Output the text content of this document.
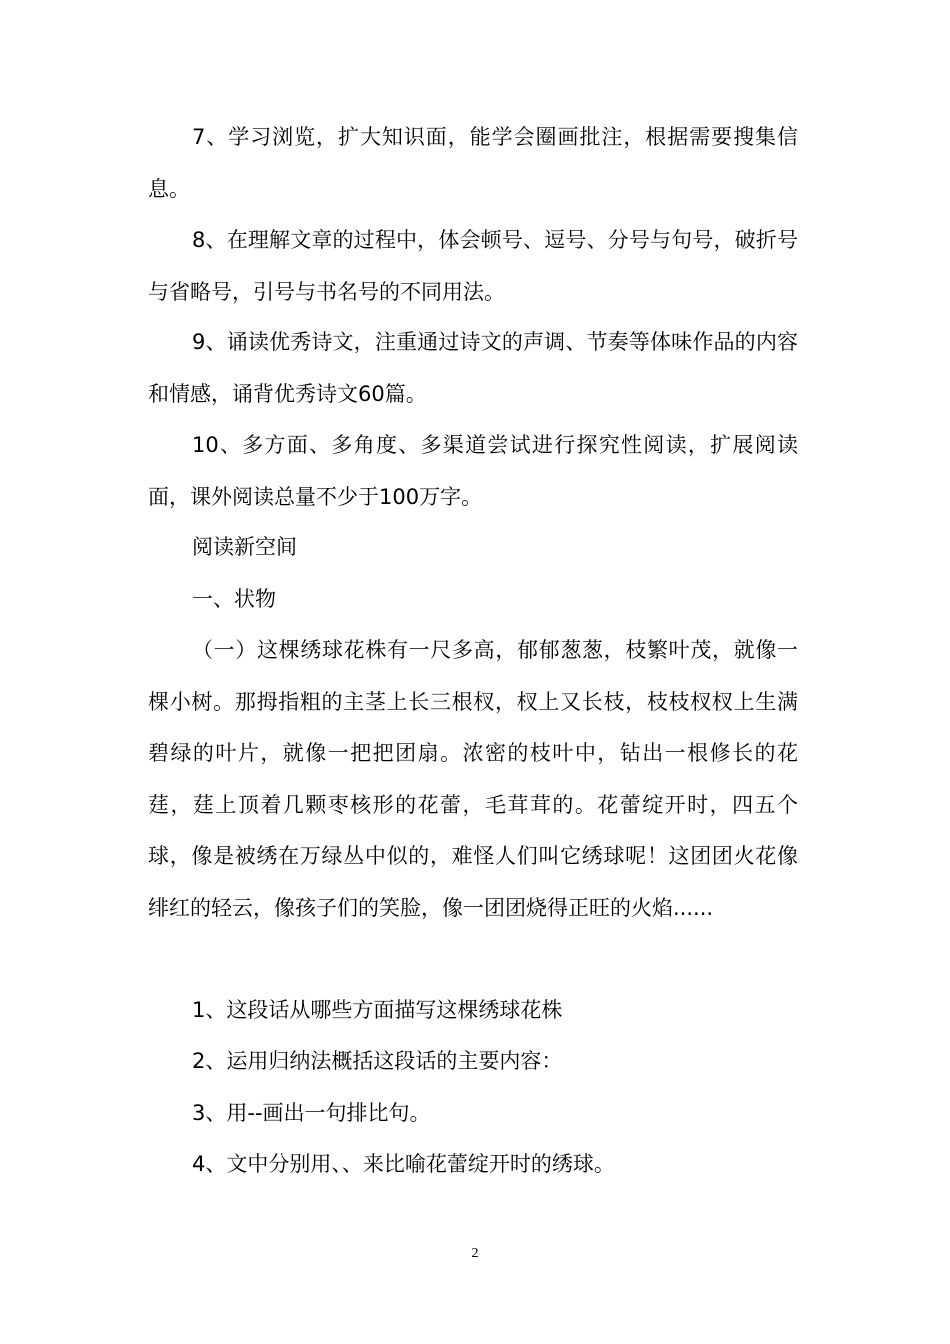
7、学习浏览，扩大知识面，能学会圈画批注，根据需要搜集信息。

8、在理解文章的过程中，体会顿号、逗号、分号与句号，破折号与省略号，引号与书名号的不同用法。

9、诵读优秀诗文，注重通过诗文的声调、节奏等体味作品的内容和情感，诵背优秀诗文60篇。

10、多方面、多角度、多渠道尝试进行探究性阅读，扩展阅读面，课外阅读总量不少于100万字。

阅读新空间

一、状物

（一）这棵绣球花株有一尺多高，郁郁葱葱，枝繁叶茂，就像一棵小树。那拇指粗的主茎上长三根杈，杈上又长枝，枝枝杈杈上生满碧绿的叶片，就像一把把团扇。浓密的枝叶中，钻出一根修长的花莛，莛上顶着几颗枣核形的花蕾，毛茸茸的。花蕾绽开时，四五个球，像是被绣在万绿丛中似的，难怪人们叫它绣球呢！这团团火花像绯红的轻云，像孩子们的笑脸，像一团团烧得正旺的火焰......

1、这段话从哪些方面描写这棵绣球花株

2、运用归纳法概括这段话的主要内容：

3、用--画出一句排比句。

4、文中分别用、、来比喻花蕾绽开时的绣球。

2
